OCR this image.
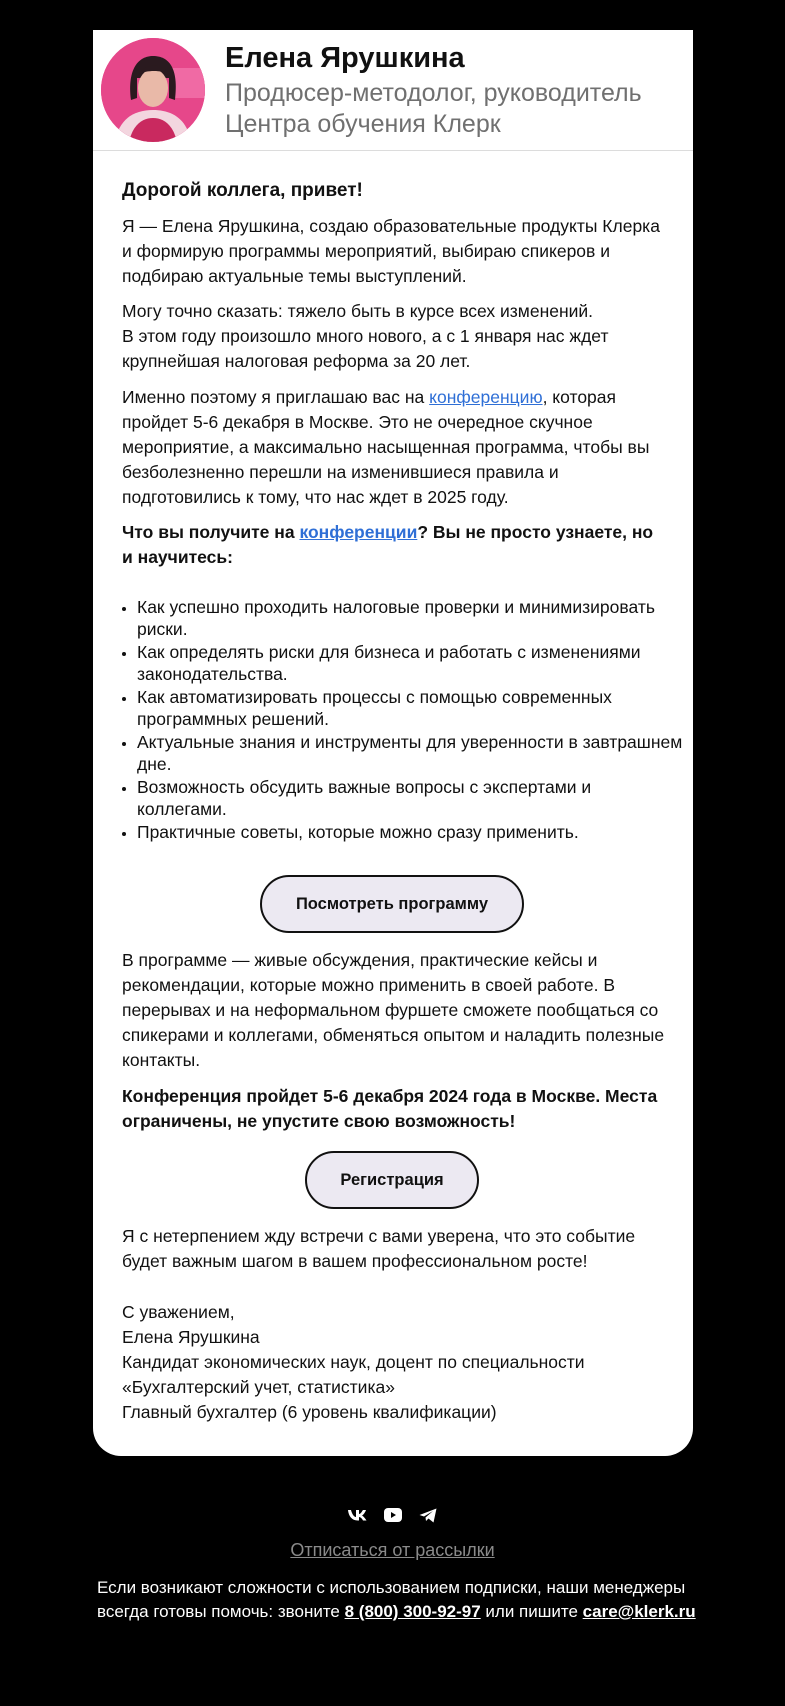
Елена Ярушкина
Продюсер-методолог, руководитель Центра обучения Клерк
Дорогой коллега, привет!

Я — Елена Ярушкина, создаю образовательные продукты Клерка и формирую программы мероприятий, выбираю спикеров и подбираю актуальные темы выступлений.

Могу точно сказать: тяжело быть в курсе всех изменений.
В этом году произошло много нового, а с 1 января нас ждет крупнейшая налоговая реформа за 20 лет.

Именно поэтому я приглашаю вас на конференцию, которая пройдет 5-6 декабря в Москве. Это не очередное скучное мероприятие, а максимально насыщенная программа, чтобы вы безболезненно перешли на изменившиеся правила и подготовились к тому, что нас ждет в 2025 году.

Что вы получите на конференции? Вы не просто узнаете, но и научитесь:

Как успешно проходить налоговые проверки и минимизировать риски.
Как определять риски для бизнеса и работать с изменениями законодательства.
Как автоматизировать процессы с помощью современных программных решений.
Актуальные знания и инструменты для уверенности в завтрашнем дне.
Возможность обсудить важные вопросы с экспертами и коллегами.
Практичные советы, которые можно сразу применить.
Посмотреть программу

В программе — живые обсуждения, практические кейсы и рекомендации, которые можно применить в своей работе. В перерывах и на неформальном фуршете сможете пообщаться со спикерами и коллегами, обменяться опытом и наладить полезные контакты.

Конференция пройдет 5-6 декабря 2024 года в Москве. Места ограничены, не упустите свою возможность!

Регистрация

Я с нетерпением жду встречи с вами уверена, что это событие будет важным шагом в вашем профессиональном росте!

С уважением,
Елена Ярушкина
Кандидат экономических наук, доцент по специальности «Бухгалтерский учет, статистика»
Главный бухгалтер (6 уровень квалификации)
Отписаться от рассылки
Если возникают сложности с использованием подписки, наши менеджеры всегда готовы помочь: звоните 8 (800) 300-92-97 или пишите care@klerk.ru
